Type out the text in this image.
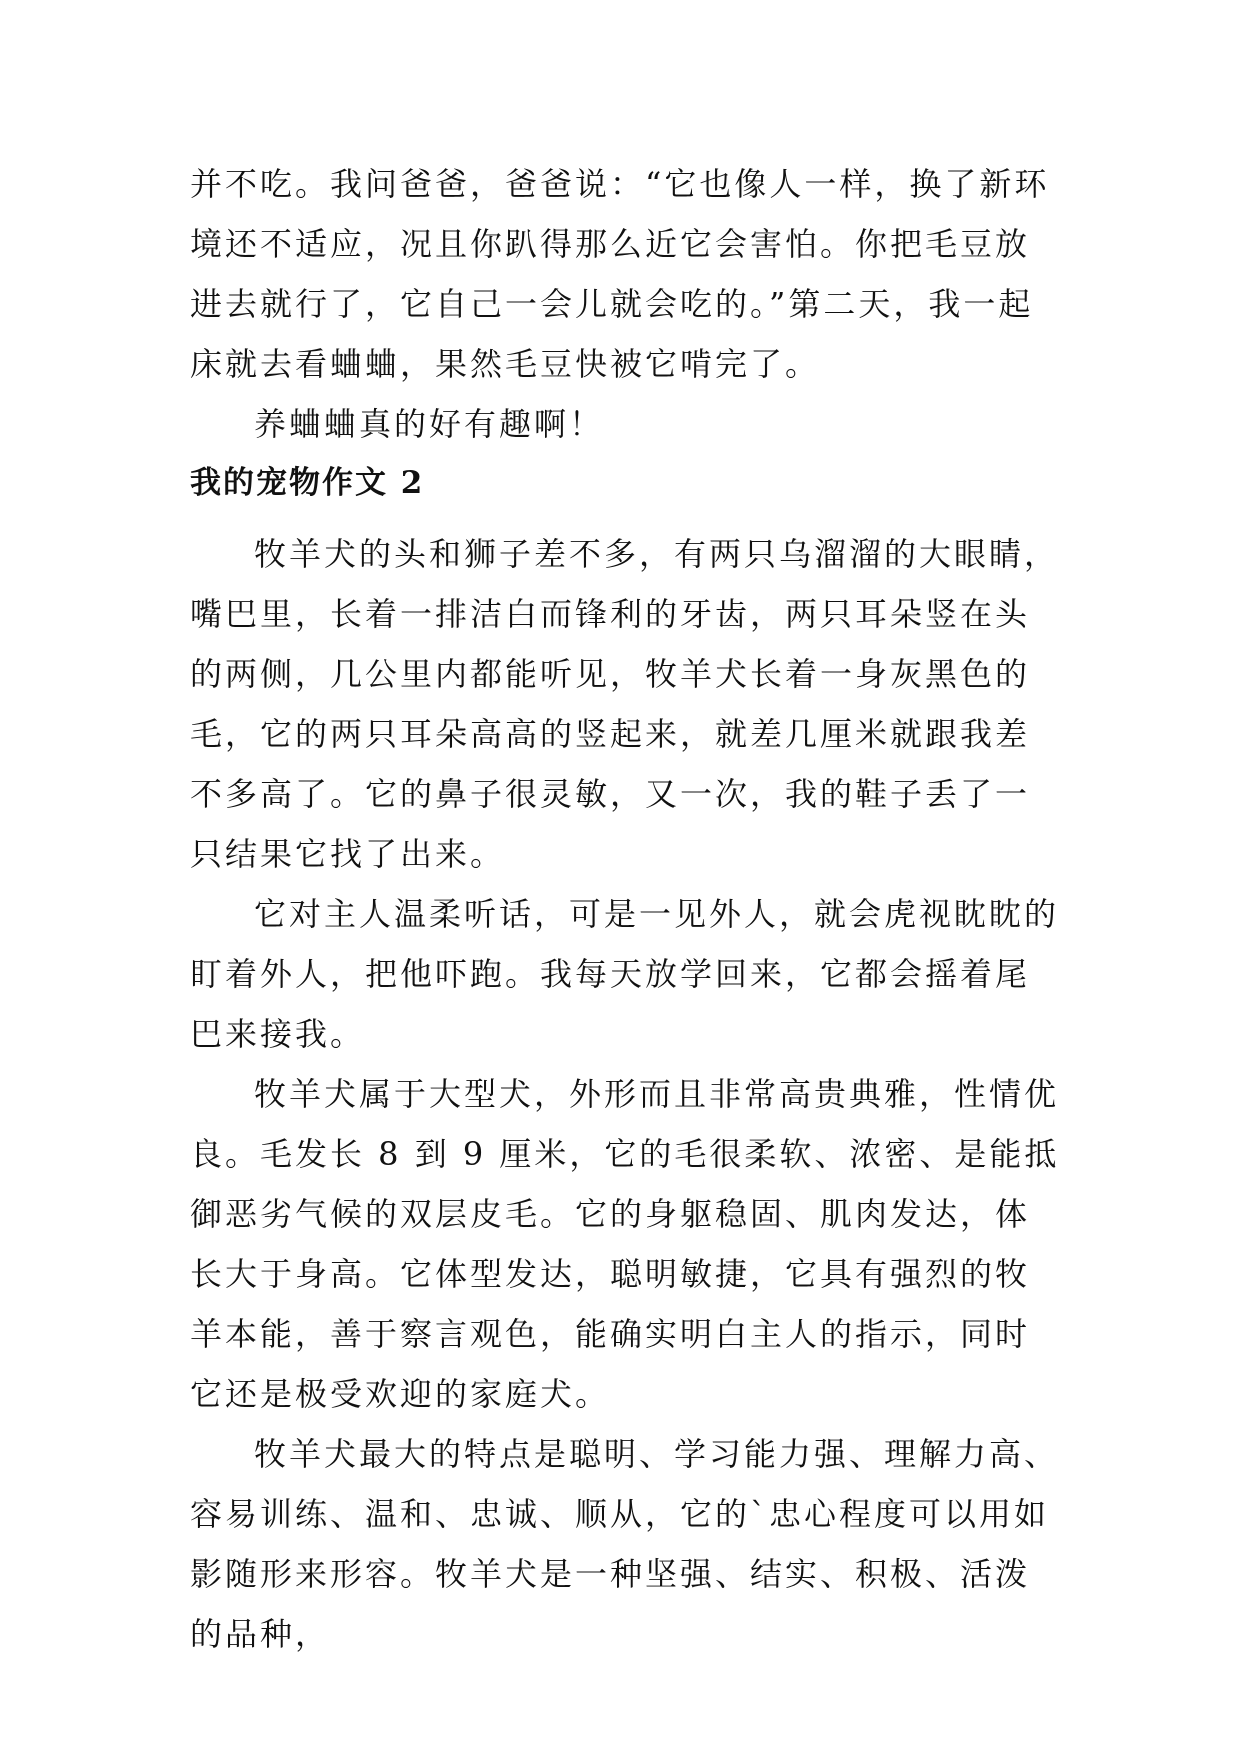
并不吃。我问爸爸，爸爸说：“它也像人一样，换了新环境还不适应，况且你趴得那么近它会害怕。你把毛豆放进去就行了，它自己一会儿就会吃的。”第二天，我一起床就去看蛐蛐，果然毛豆快被它啃完了。

养蛐蛐真的好有趣啊！

我的宠物作文 2

牧羊犬的头和狮子差不多，有两只乌溜溜的大眼睛，嘴巴里，长着一排洁白而锋利的牙齿，两只耳朵竖在头的两侧，几公里内都能听见，牧羊犬长着一身灰黑色的毛，它的两只耳朵高高的竖起来，就差几厘米就跟我差不多高了。它的鼻子很灵敏，又一次，我的鞋子丢了一只结果它找了出来。

它对主人温柔听话，可是一见外人，就会虎视眈眈的盯着外人，把他吓跑。我每天放学回来，它都会摇着尾巴来接我。

牧羊犬属于大型犬，外形而且非常高贵典雅，性情优良。毛发长 8 到 9 厘米，它的毛很柔软、浓密、是能抵御恶劣气候的双层皮毛。它的身躯稳固、肌肉发达，体长大于身高。它体型发达，聪明敏捷，它具有强烈的牧羊本能，善于察言观色，能确实明白主人的指示，同时它还是极受欢迎的家庭犬。

牧羊犬最大的特点是聪明、学习能力强、理解力高、容易训练、温和、忠诚、顺从，它的`忠心程度可以用如影随形来形容。牧羊犬是一种坚强、结实、积极、活泼的品种，
